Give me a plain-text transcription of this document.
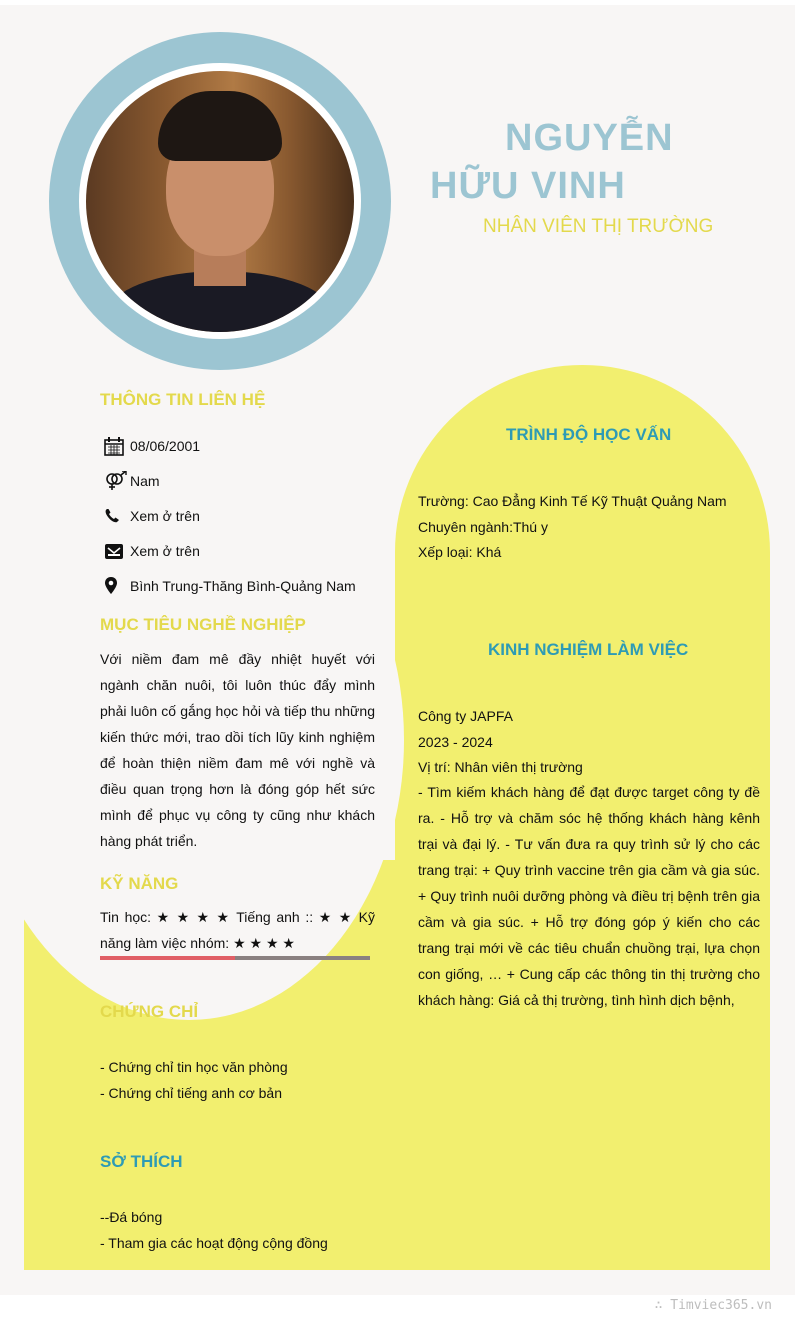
NGUYỄN
HỮU VINH
NHÂN VIÊN THỊ TRƯỜNG
THÔNG TIN LIÊN HỆ
08/06/2001
Nam
Xem ở trên
Xem ở trên
Bình Trung-Thăng Bình-Quảng Nam
MỤC TIÊU NGHỀ NGHIỆP
Với niềm đam mê đầy nhiệt huyết với ngành chăn nuôi, tôi luôn thúc đẩy mình phải luôn cố gắng học hỏi và tiếp thu những kiến thức mới, trao dồi tích lũy kinh nghiệm để hoàn thiện niềm đam mê với nghề và điều quan trọng hơn là đóng góp hết sức mình để phục vụ công ty cũng như khách hàng phát triển.
KỸ NĂNG
Tin học: ★ ★ ★ ★ Tiếng anh :: ★ ★ Kỹ năng làm việc nhóm: ★ ★ ★ ★
CHỨNG CHỈ
- Chứng chỉ tin học văn phòng
- Chứng chỉ tiếng anh cơ bản
SỞ THÍCH
--Đá bóng
- Tham gia các hoạt động cộng đồng
TRÌNH ĐỘ HỌC VẤN
Trường: Cao Đẳng Kinh Tế Kỹ Thuật Quảng Nam
Chuyên ngành:Thú y
Xếp loại: Khá
KINH NGHIỆM LÀM VIỆC
Công ty JAPFA
2023 - 2024
Vị trí: Nhân viên thị trường
- Tìm kiếm khách hàng để đạt được target công ty đề ra. - Hỗ trợ và chăm sóc hệ thống khách hàng kênh trại và đại lý. - Tư vấn đưa ra quy trình sử lý cho các trang trại: + Quy trình vaccine trên gia cầm và gia súc. + Quy trình nuôi dưỡng phòng và điều trị bệnh trên gia cầm và gia súc. + Hỗ trợ đóng góp ý kiến cho các trang trại mới về các tiêu chuẩn chuồng trại, lựa chọn con giống, … + Cung cấp các thông tin thị trường cho khách hàng: Giá cả thị trường, tình hình dịch bệnh,
∴ Timviec365.vn
